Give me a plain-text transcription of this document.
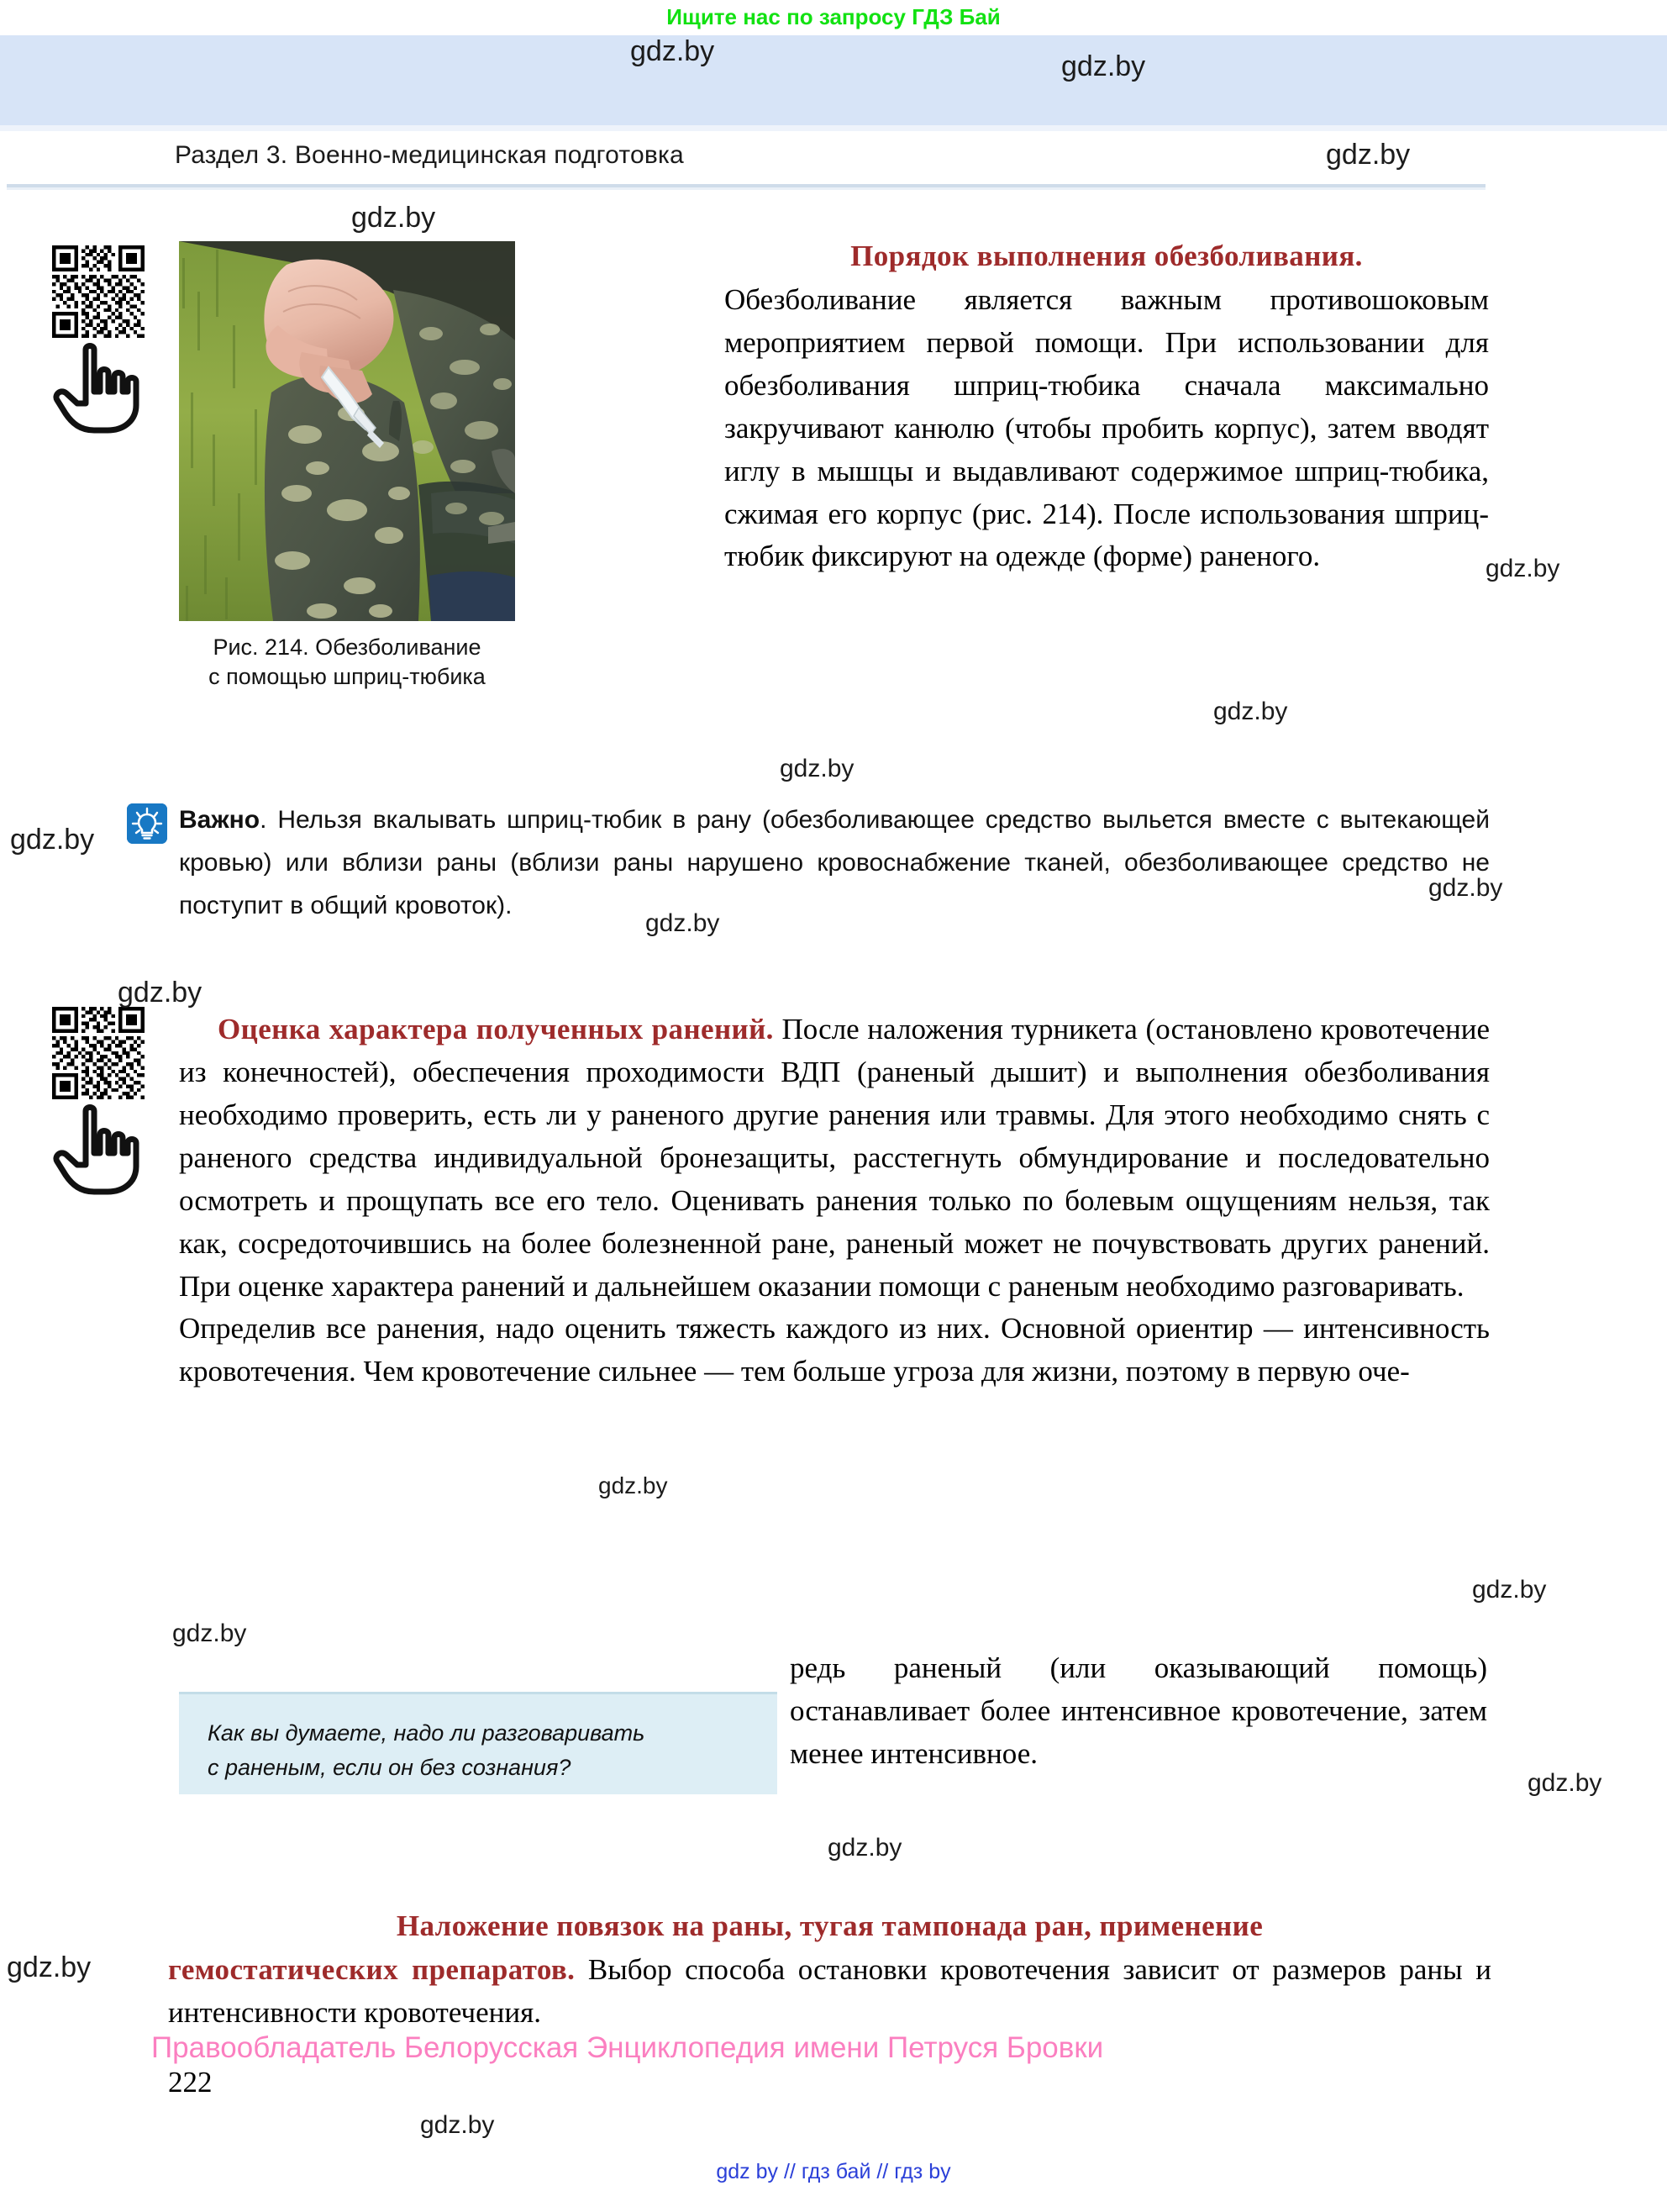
Ищите нас по запросу ГДЗ Бай
Раздел 3. Военно-медицинская подготовка
Рис. 214. Обезболивание
с помощью шприц-тюбика

Порядок выполнения обезболивания.
Обезболивание является важным противошоковым мероприятием первой помощи. При использовании для обезболивания шприц-тюбика сначала максимально закручивают канюлю (чтобы пробить корпус), затем вводят иглу в мышцы и выдавливают содержимое шприц-тюбика, сжимая его корпус (рис. 214). После использования шприц-тюбик фиксируют на одежде (форме) раненого.

Важно. Нельзя вкалывать шприц-тюбик в рану (обезболивающее средство выльется вместе с вытекающей кровью) или вблизи раны (вблизи раны нарушено кровоснабжение тканей, обезболивающее средство не поступит в общий кровоток).

Оценка характера полученных ранений. После наложения турникета (остановлено кровотечение из конечностей), обеспечения проходимости ВДП (раненый дышит) и выполнения обезболивания необходимо проверить, есть ли у раненого другие ранения или травмы. Для этого необходимо снять с раненого средства индивидуальной бронезащиты, расстегнуть обмундирование и последовательно осмотреть и прощупать все его тело. Оценивать ранения только по болевым ощущениям нельзя, так как, сосредоточившись на более болезненной ране, раненый может не почувствовать других ранений. При оценке характера ранений и дальнейшем оказании помощи с раненым необходимо разговаривать.

Определив все ранения, надо оценить тяжесть каждого из них. Основной ориентир — интенсивность кровотечения. Чем кровотечение сильнее — тем больше угроза для жизни, поэтому в первую оче-

Как вы думаете, надо ли разговаривать
с раненым, если он без сознания?
редь раненый (или оказывающий помощь) останавливает более интенсивное кровотечение, затем менее интенсивное.

Наложение повязок на раны, тугая тампонада ран, применение
гемостатических препаратов. Выбор способа остановки кровотечения зависит от размеров раны и интенсивности кровотечения.

Правообладатель Белорусская Энциклопедия имени Петруся Бровки
222
gdz by // гдз бай // гдз by
gdz.by	gdz.by
gdz.by
gdz.by
gdz.by
gdz.by
gdz.by
gdz.by
gdz.by
gdz.by
gdz.by
gdz.by
gdz.by
gdz.by
gdz.by
gdz.by
gdz.by
gdz.by
